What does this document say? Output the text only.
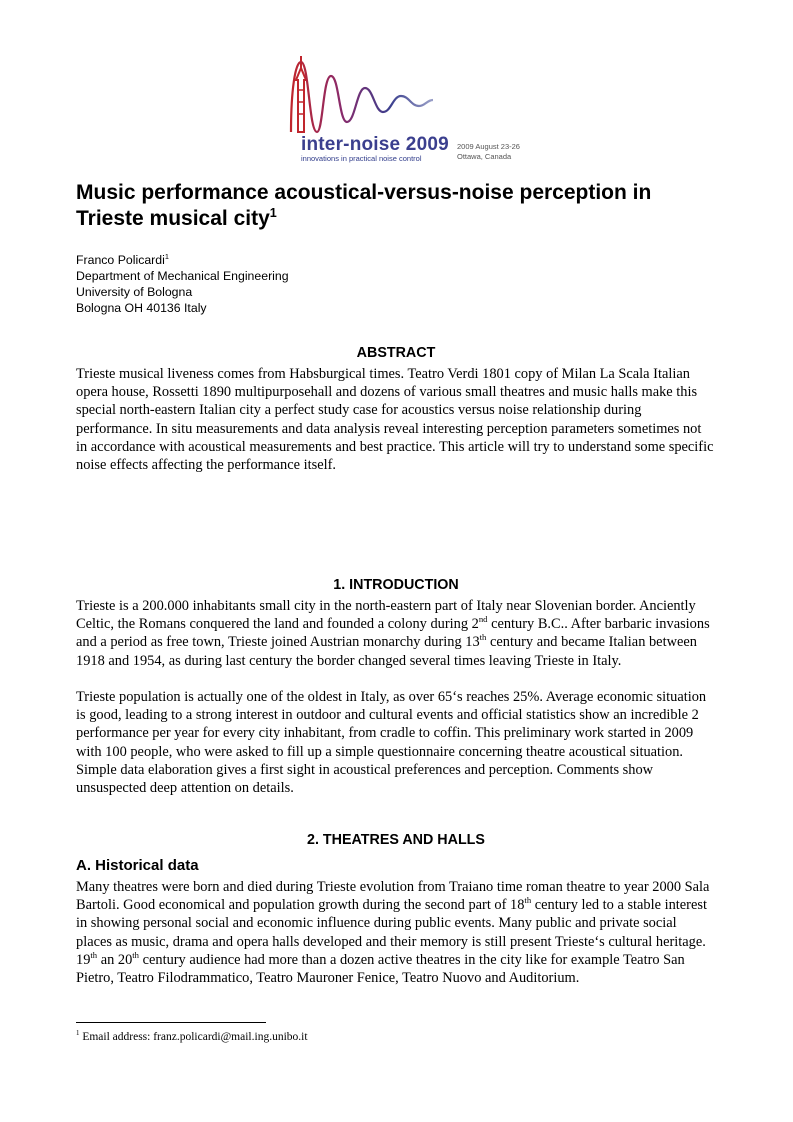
inter-noise 2009
innovations in practical noise control
2009 August 23-26
Ottawa, Canada
Music performance acoustical-versus-noise perception in Trieste musical city$^1$
Franco Policardi$^1$
Department of Mechanical Engineering
University of Bologna
Bologna OH 40136 Italy
ABSTRACT

Trieste musical liveness comes from Habsburgical times. Teatro Verdi 1801 copy of Milan La Scala Italian opera house, Rossetti 1890 multipurposehall and dozens of various small theatres and music halls make this special north-eastern Italian city a perfect study case for acoustics versus noise relationship during performance. In situ measurements and data analysis reveal interesting perception parameters sometimes not in accordance with acoustical measurements and best practice. This article will try to understand some specific noise effects affecting the performance itself.

1. INTRODUCTION

Trieste is a 200.000 inhabitants small city in the north-eastern part of Italy near Slovenian border. Anciently Celtic, the Romans conquered the land and founded a colony during 2nd century B.C.. After barbaric invasions and a period as free town, Trieste joined Austrian monarchy during 13th century and became Italian between 1918 and 1954, as during last century the border changed several times leaving Trieste in Italy.

Trieste population is actually one of the oldest in Italy, as over 65‘s reaches 25%. Average economic situation is good, leading to a strong interest in outdoor and cultural events and official statistics show an incredible 2 performance per year for every city inhabitant, from cradle to coffin. This preliminary work started in 2009 with 100 people, who were asked to fill up a simple questionnaire concerning theatre acoustical situation. Simple data elaboration gives a first sight in acoustical preferences and perception. Comments show unsuspected deep attention on details.

2. THEATRES AND HALLS
A. Historical data

Many theatres were born and died during Trieste evolution from Traiano time roman theatre to year 2000 Sala Bartoli. Good economical and population growth during the second part of 18th century led to a stable interest in showing personal social and economic influence during public events. Many public and private social places as music, drama and opera halls developed and their memory is still present Trieste‘s cultural heritage. 19th an 20th century audience had more than a dozen active theatres in the city like for example Teatro San Pietro, Teatro Filodrammatico, Teatro Mauroner Fenice, Teatro Nuovo and Auditorium.

$^1$ Email address: franz.policardi@mail.ing.unibo.it
